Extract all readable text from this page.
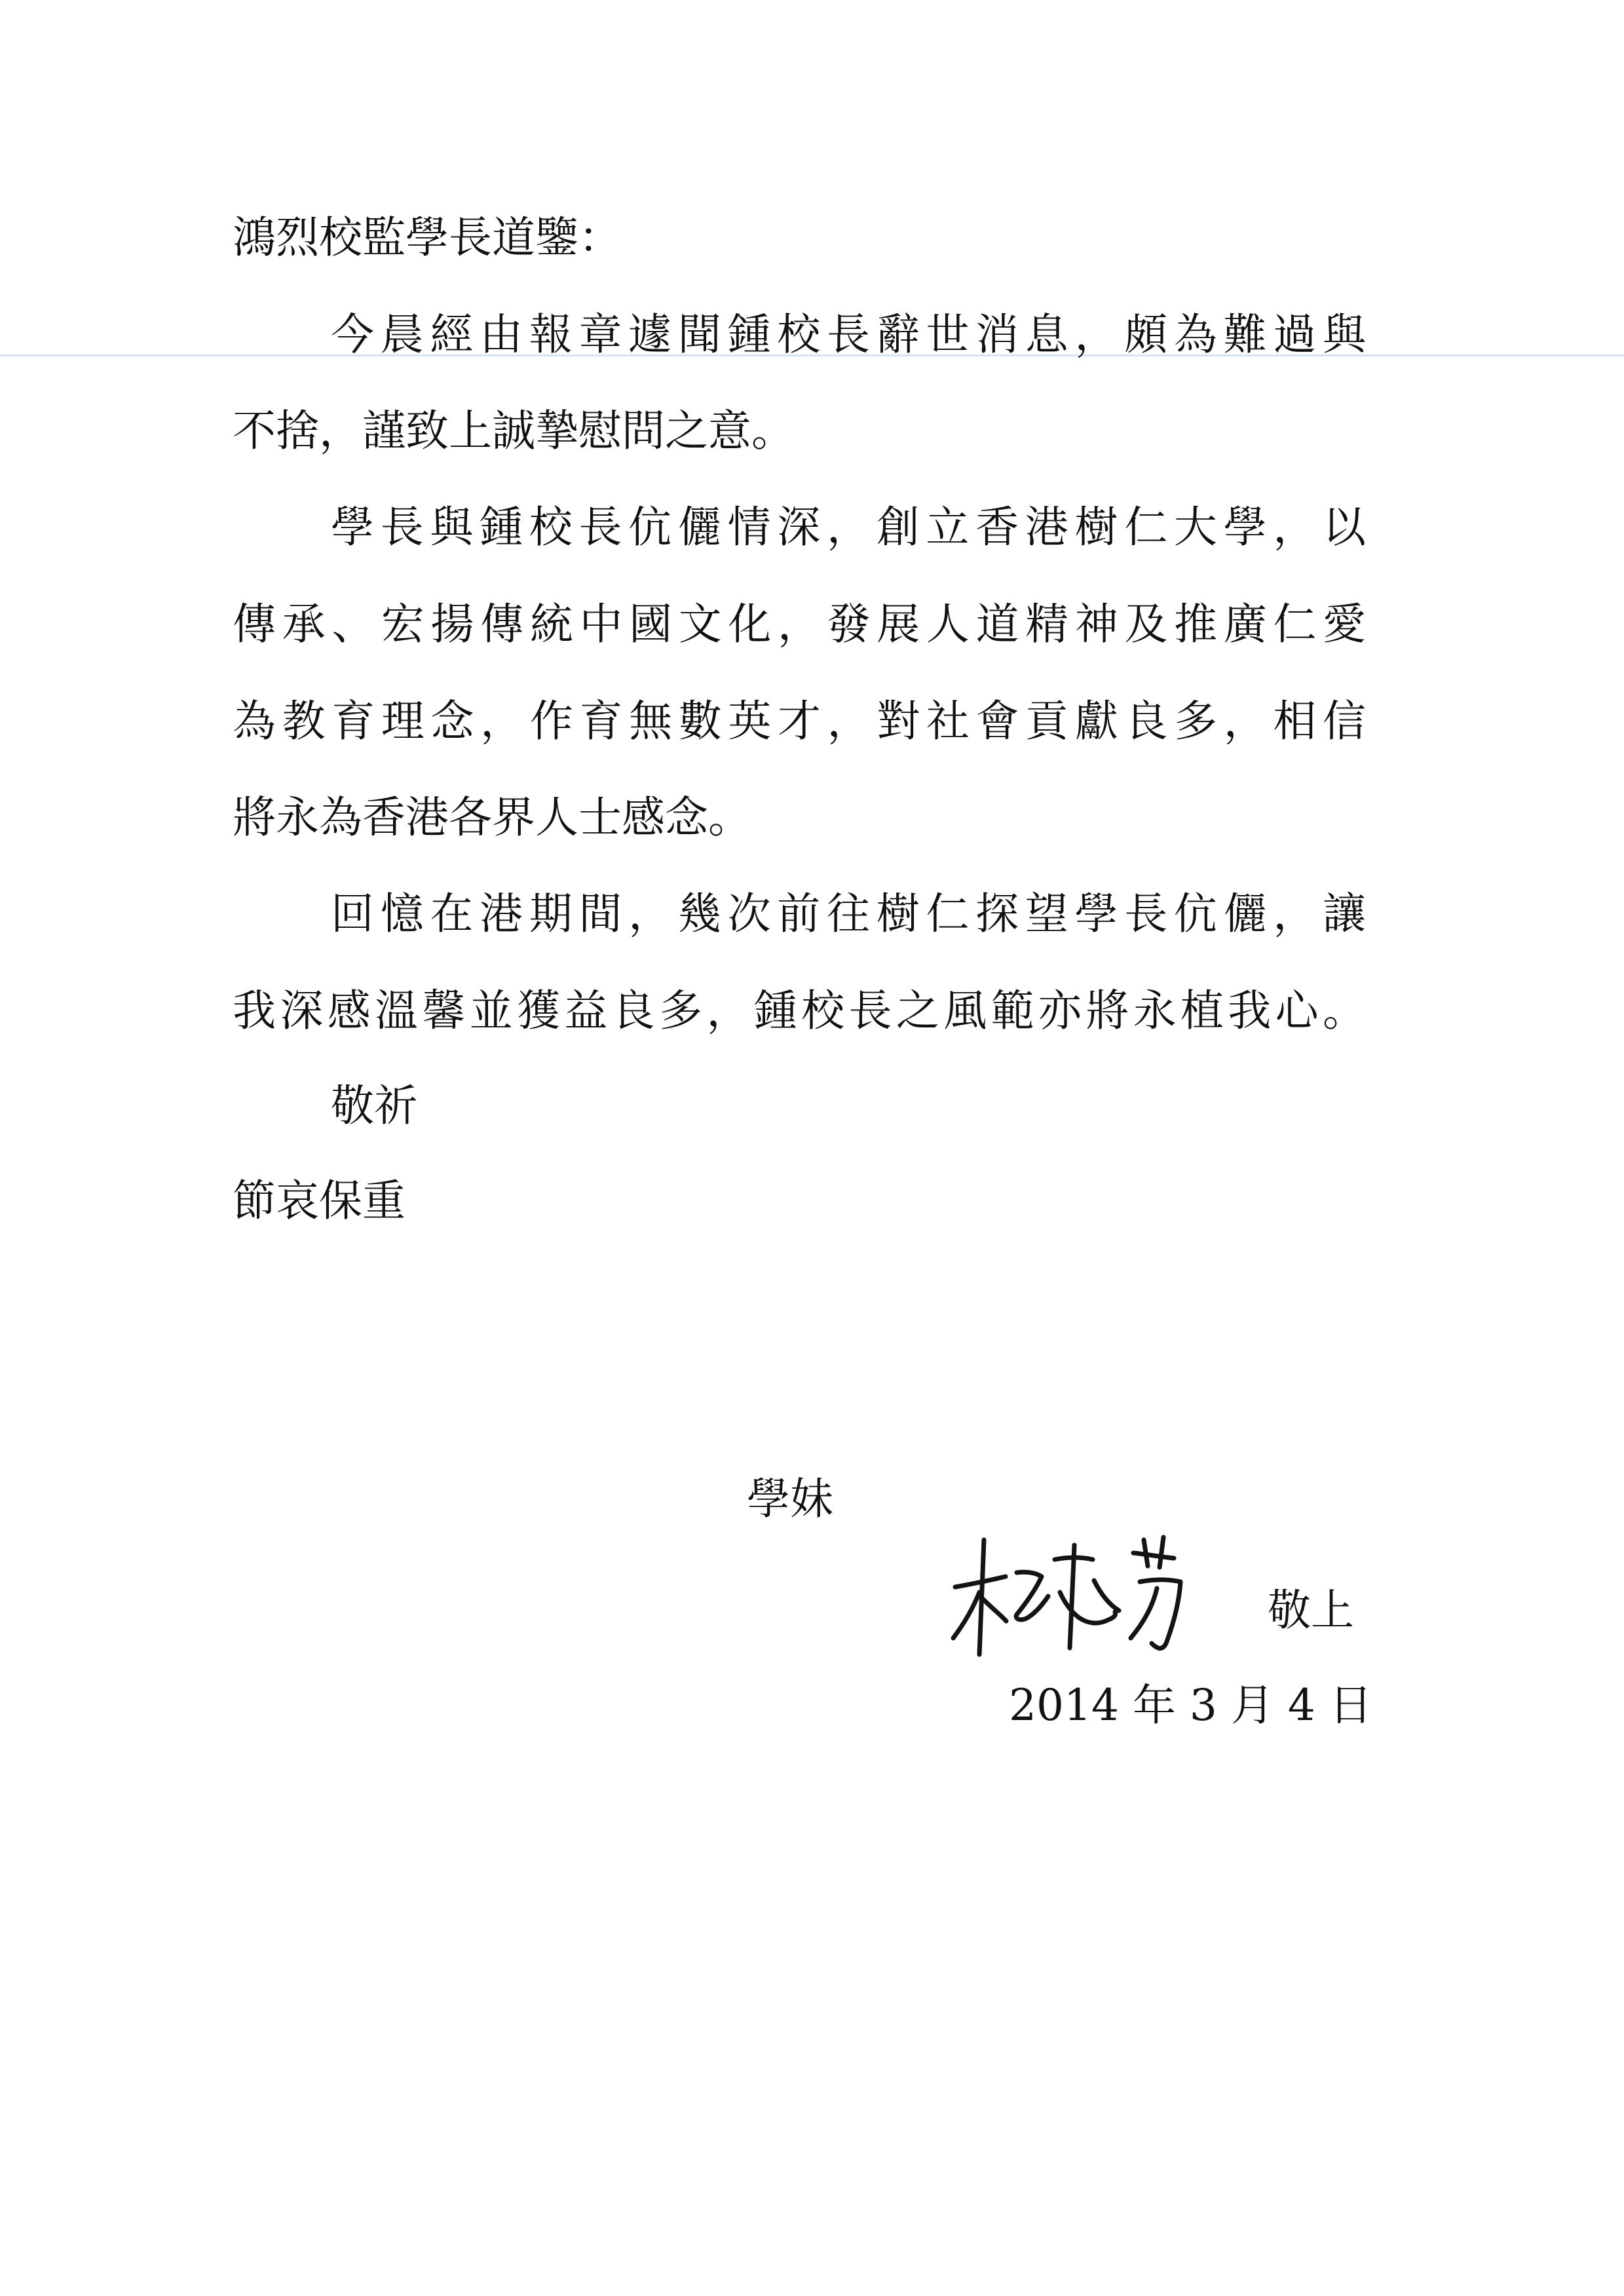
鴻烈校監學長道鑒：
今晨經由報章遽聞鍾校長辭世消息，頗為難過與
不捨，謹致上誠摯慰問之意。
學長與鍾校長伉儷情深，創立香港樹仁大學，以
傳承、宏揚傳統中國文化，發展人道精神及推廣仁愛
為教育理念，作育無數英才，對社會貢獻良多，相信
將永為香港各界人士感念。
回憶在港期間，幾次前往樹仁探望學長伉儷，讓
我深感溫馨並獲益良多，鍾校長之風範亦將永植我心。
敬祈
節哀保重
學妹
敬上
2014 年 3 月 4 日
